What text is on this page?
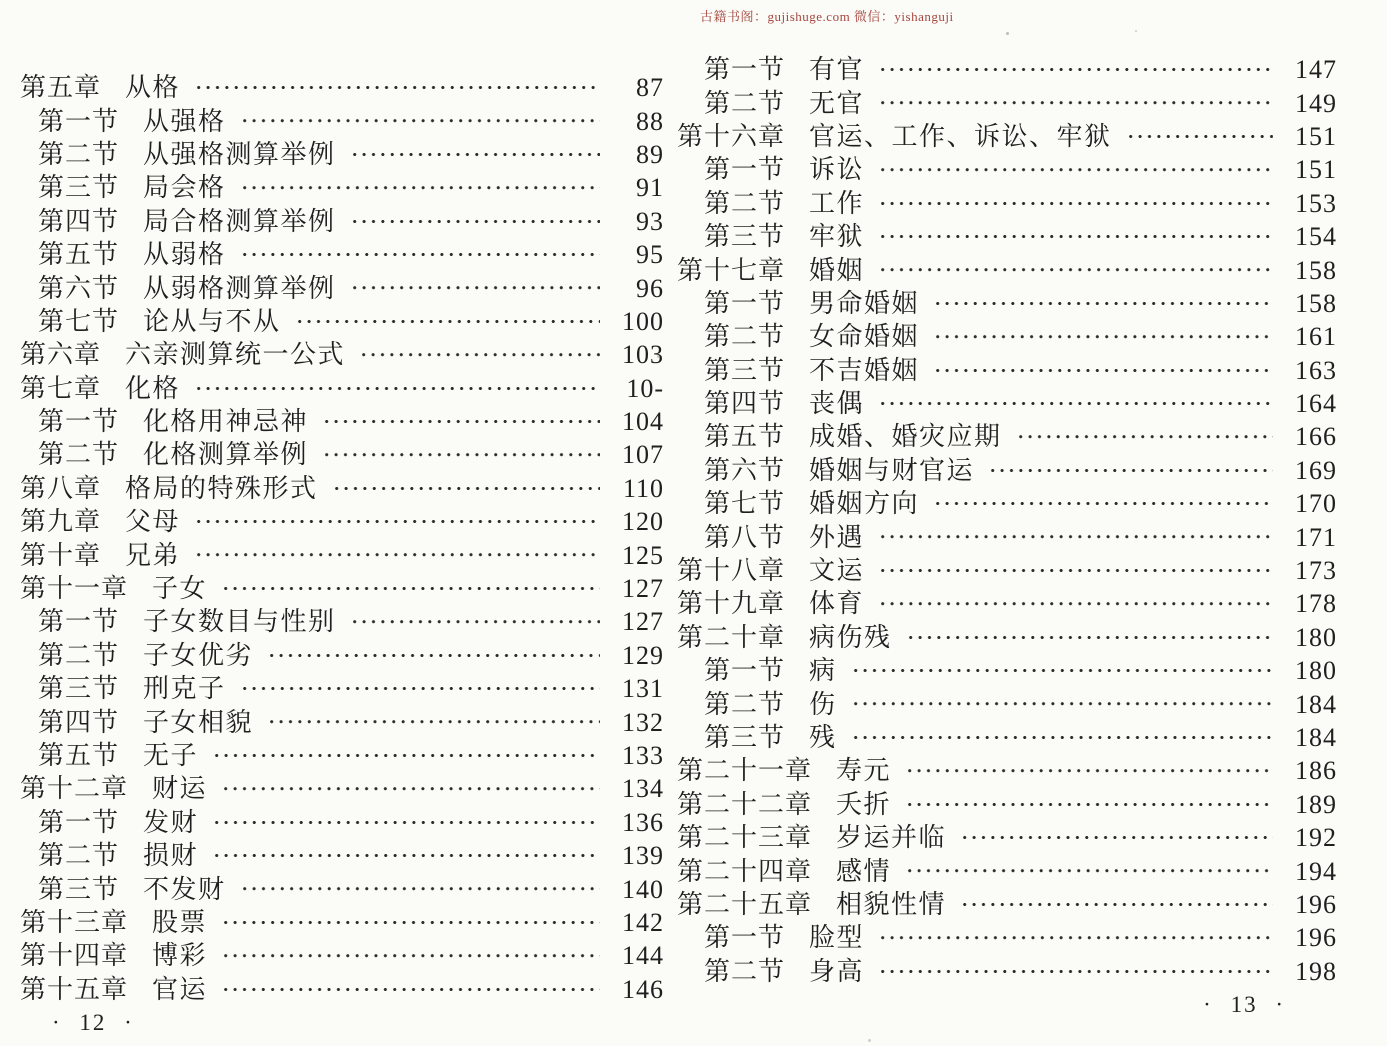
古籍书阁：gujishuge.com 微信：yishanguji
第五章 从格	87
第一节 从强格	88
第二节 从强格测算举例	89
第三节 局会格	91
第四节 局合格测算举例	93
第五节 从弱格	95
第六节 从弱格测算举例	96
第七节 论从与不从	100
第六章 六亲测算统一公式	103
第七章 化格	10-
第一节 化格用神忌神	104
第二节 化格测算举例	107
第八章 格局的特殊形式	110
第九章 父母	120
第十章 兄弟	125
第十一章 子女	127
第一节 子女数目与性别	127
第二节 子女优劣	129
第三节 刑克子	131
第四节 子女相貌	132
第五节 无子	133
第十二章 财运	134
第一节 发财	136
第二节 损财	139
第三节 不发财	140
第十三章 股票	142
第十四章 博彩	144
第十五章 官运	146
· 12 ·
第一节 有官	147
第二节 无官	149
第十六章 官运、工作、诉讼、牢狱	151
第一节 诉讼	151
第二节 工作	153
第三节 牢狱	154
第十七章 婚姻	158
第一节 男命婚姻	158
第二节 女命婚姻	161
第三节 不吉婚姻	163
第四节 丧偶	164
第五节 成婚、婚灾应期	166
第六节 婚姻与财官运	169
第七节 婚姻方向	170
第八节 外遇	171
第十八章 文运	173
第十九章 体育	178
第二十章 病伤残	180
第一节 病	180
第二节 伤	184
第三节 残	184
第二十一章 寿元	186
第二十二章 夭折	189
第二十三章 岁运并临	192
第二十四章 感情	194
第二十五章 相貌性情	196
第一节 脸型	196
第二节 身高	198
· 13 ·
